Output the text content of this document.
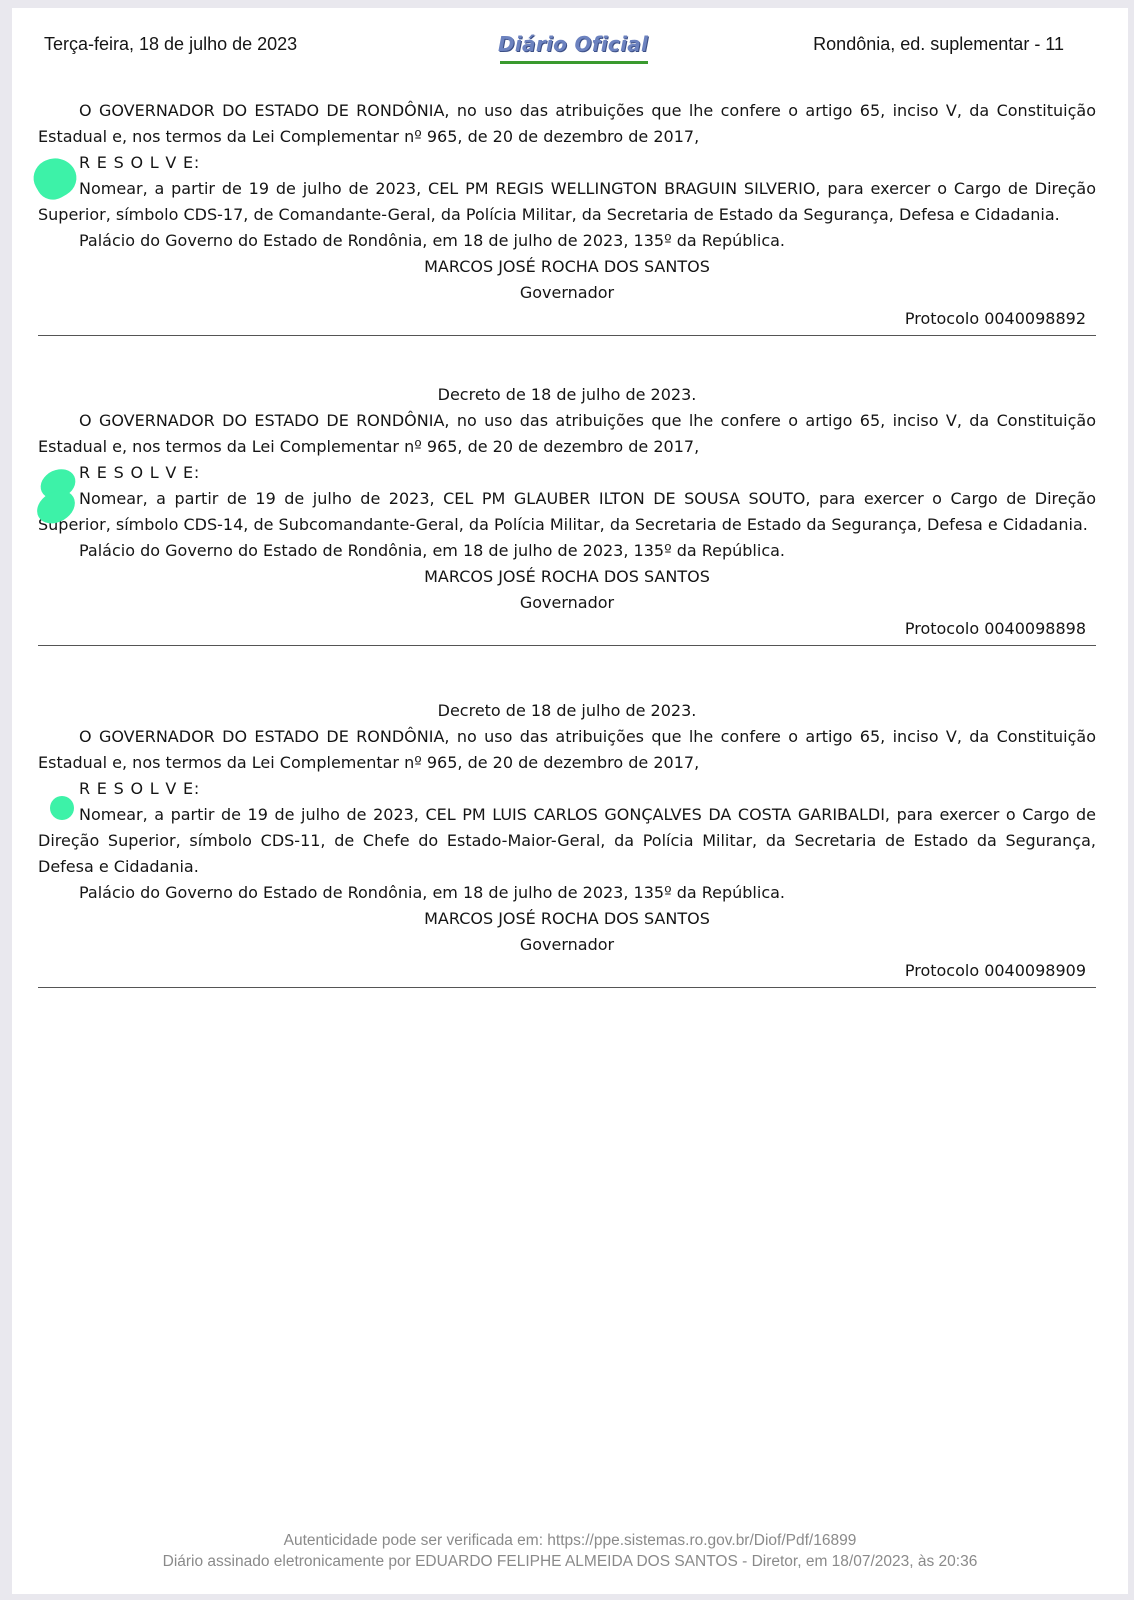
Terça-feira, 18 de julho de 2023	Diário Oficial	Rondônia, ed. suplementar - 11

O GOVERNADOR DO ESTADO DE RONDÔNIA, no uso das atribuições que lhe confere o artigo 65, inciso V, da Constituição Estadual e, nos termos da Lei Complementar nº 965, de 20 de dezembro de 2017,

R E S O L V E:

Nomear, a partir de 19 de julho de 2023, CEL PM REGIS WELLINGTON BRAGUIN SILVERIO, para exercer o Cargo de Direção Superior, símbolo CDS-17, de Comandante-Geral, da Polícia Militar, da Secretaria de Estado da Segurança, Defesa e Cidadania.

Palácio do Governo do Estado de Rondônia, em 18 de julho de 2023, 135º da República.

MARCOS JOSÉ ROCHA DOS SANTOS

Governador

Protocolo 0040098892

Decreto de 18 de julho de 2023.

O GOVERNADOR DO ESTADO DE RONDÔNIA, no uso das atribuições que lhe confere o artigo 65, inciso V, da Constituição Estadual e, nos termos da Lei Complementar nº 965, de 20 de dezembro de 2017,

R E S O L V E:

Nomear, a partir de 19 de julho de 2023, CEL PM GLAUBER ILTON DE SOUSA SOUTO, para exercer o Cargo de Direção Superior, símbolo CDS-14, de Subcomandante-Geral, da Polícia Militar, da Secretaria de Estado da Segurança, Defesa e Cidadania.

Palácio do Governo do Estado de Rondônia, em 18 de julho de 2023, 135º da República.

MARCOS JOSÉ ROCHA DOS SANTOS

Governador

Protocolo 0040098898

Decreto de 18 de julho de 2023.

O GOVERNADOR DO ESTADO DE RONDÔNIA, no uso das atribuições que lhe confere o artigo 65, inciso V, da Constituição Estadual e, nos termos da Lei Complementar nº 965, de 20 de dezembro de 2017,

R E S O L V E:

Nomear, a partir de 19 de julho de 2023, CEL PM LUIS CARLOS GONÇALVES DA COSTA GARIBALDI, para exercer o Cargo de Direção Superior, símbolo CDS-11, de Chefe do Estado-Maior-Geral, da Polícia Militar, da Secretaria de Estado da Segurança, Defesa e Cidadania.

Palácio do Governo do Estado de Rondônia, em 18 de julho de 2023, 135º da República.

MARCOS JOSÉ ROCHA DOS SANTOS

Governador

Protocolo 0040098909

Autenticidade pode ser verificada em: https://ppe.sistemas.ro.gov.br/Diof/Pdf/16899
Diário assinado eletronicamente por EDUARDO FELIPHE ALMEIDA DOS SANTOS - Diretor, em 18/07/2023, às 20:36
